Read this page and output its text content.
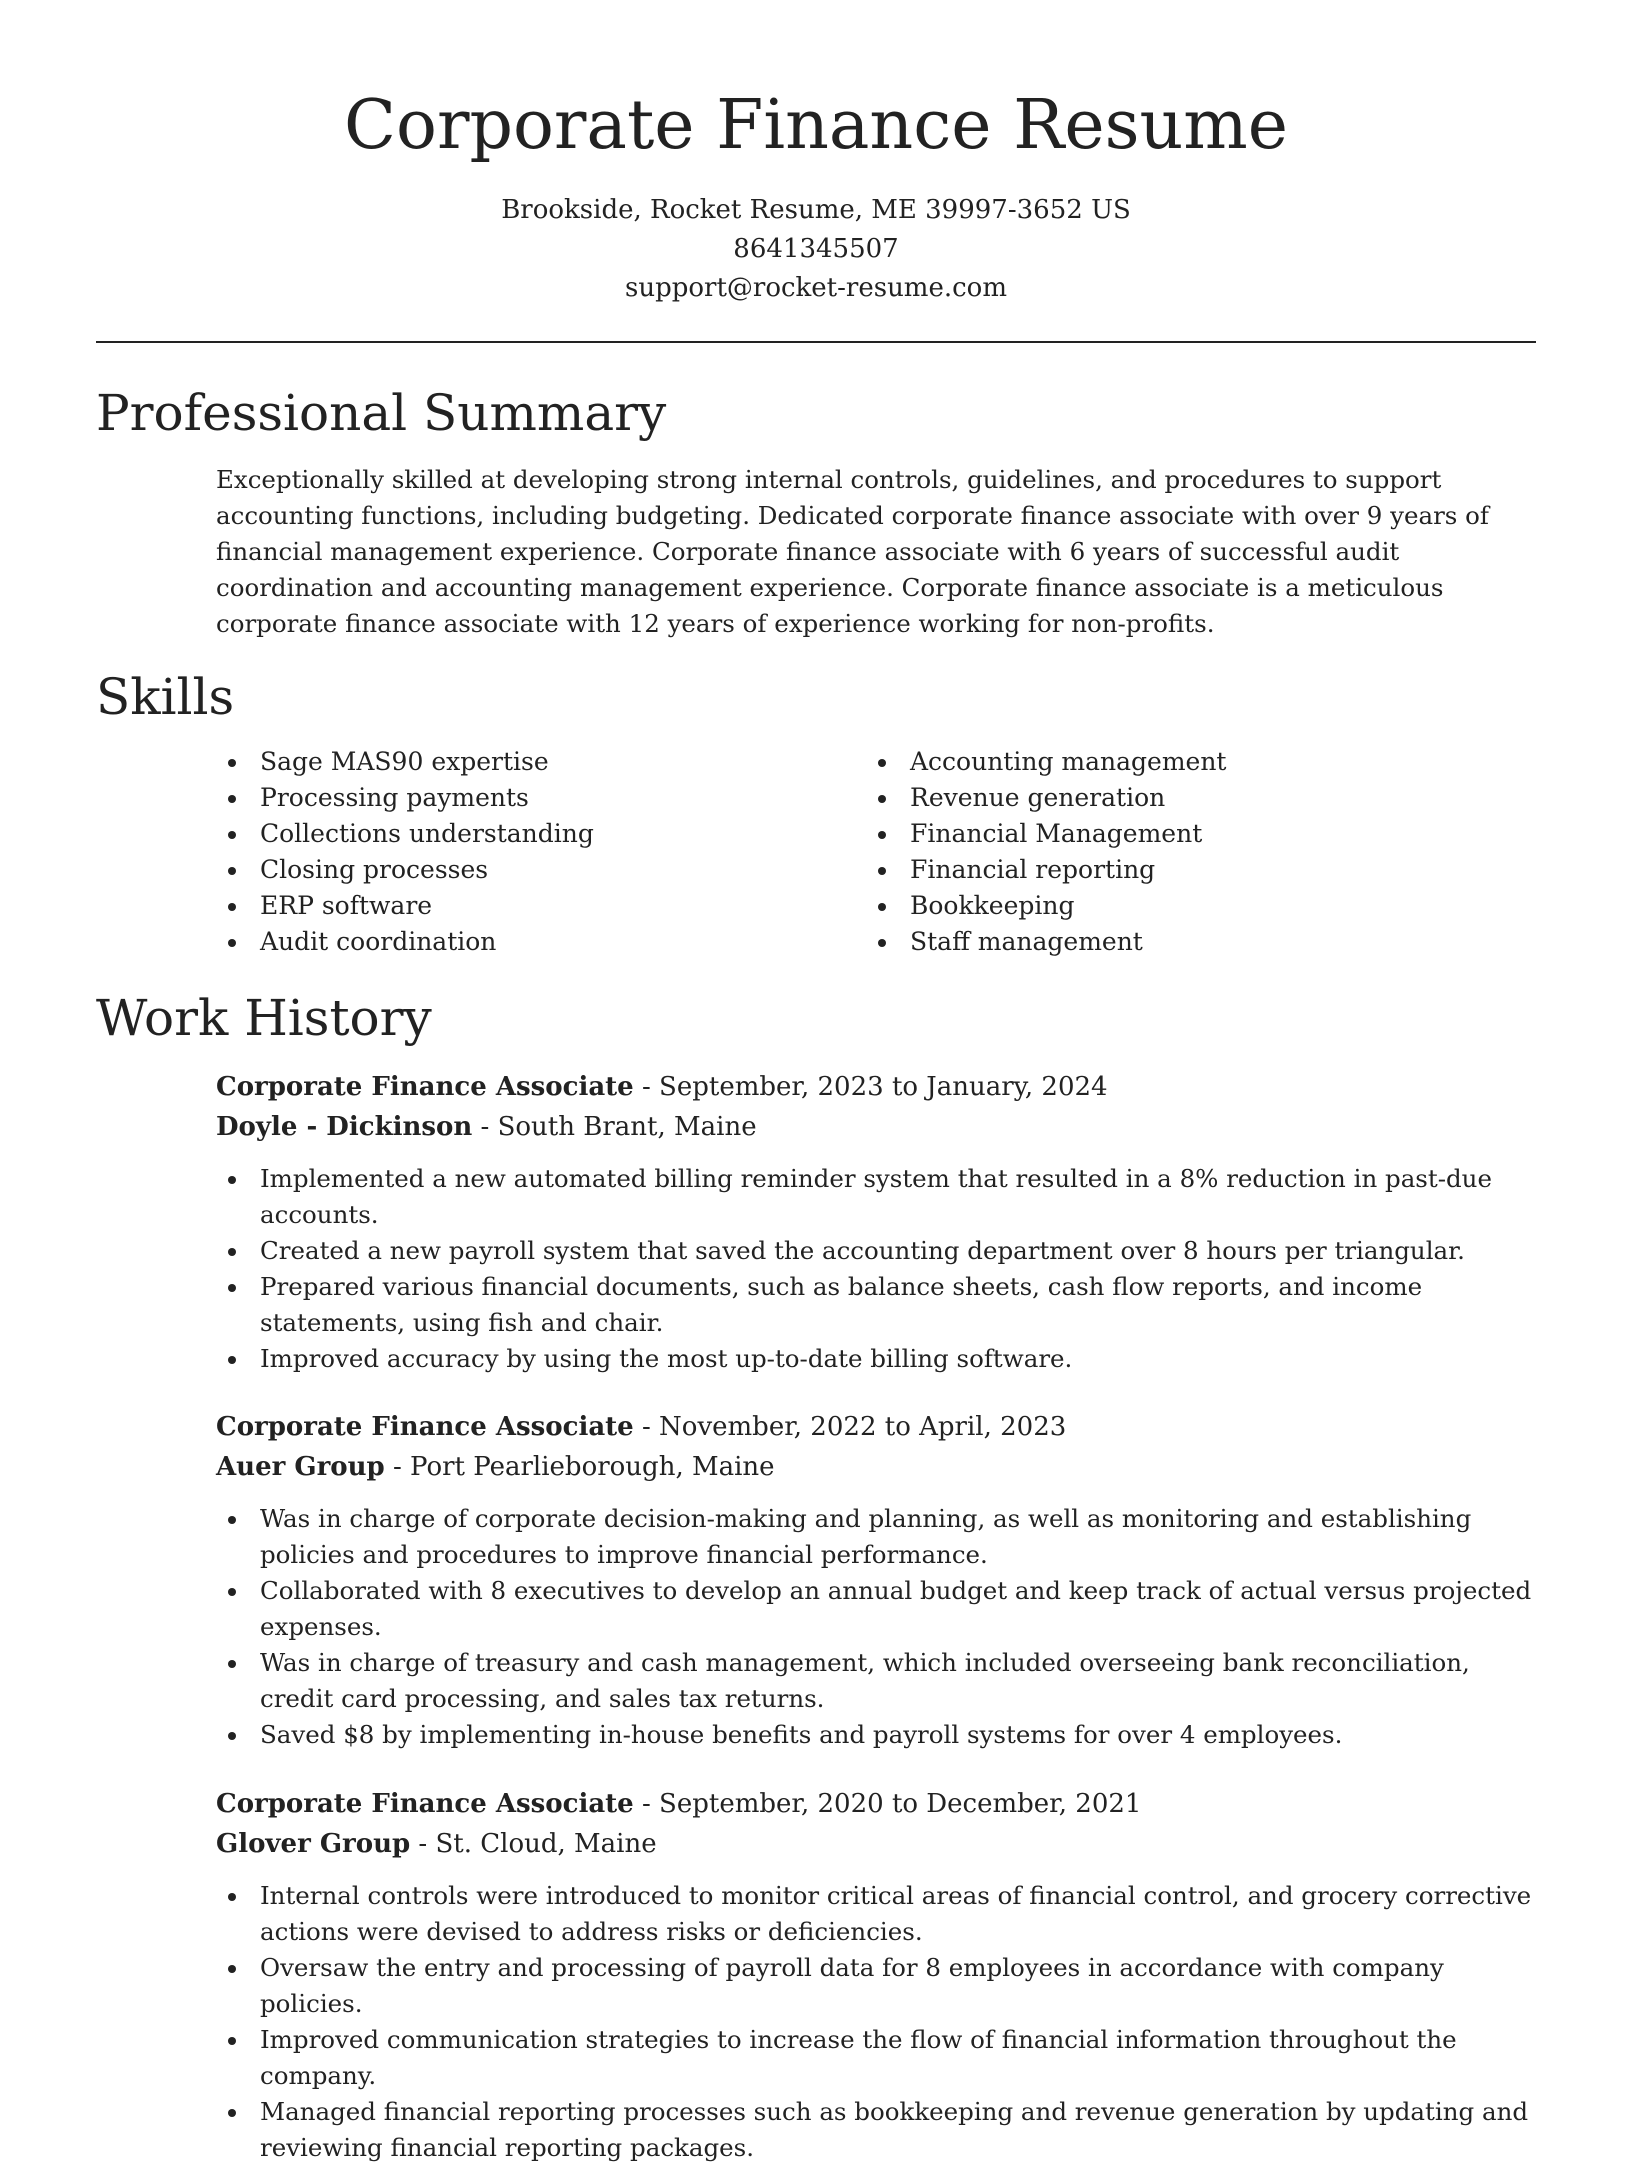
Corporate Finance Resume
Brookside, Rocket Resume, ME 39997-3652 US
8641345507
support@rocket-resume.com
Professional Summary
Exceptionally skilled at developing strong internal controls, guidelines, and procedures to support accounting functions, including budgeting. Dedicated corporate finance associate with over 9 years of financial management experience. Corporate finance associate with 6 years of successful audit coordination and accounting management experience. Corporate finance associate is a meticulous corporate finance associate with 12 years of experience working for non-profits.
Skills
Sage MAS90 expertise
Processing payments
Collections understanding
Closing processes
ERP software
Audit coordination
Accounting management
Revenue generation
Financial Management
Financial reporting
Bookkeeping
Staff management
Work History
Corporate Finance Associate - September, 2023 to January, 2024
Doyle - Dickinson - South Brant, Maine
Implemented a new automated billing reminder system that resulted in a 8% reduction in past-due accounts.
Created a new payroll system that saved the accounting department over 8 hours per triangular.
Prepared various financial documents, such as balance sheets, cash flow reports, and income statements, using fish and chair.
Improved accuracy by using the most up-to-date billing software.
Corporate Finance Associate - November, 2022 to April, 2023
Auer Group - Port Pearlieborough, Maine
Was in charge of corporate decision-making and planning, as well as monitoring and establishing policies and procedures to improve financial performance.
Collaborated with 8 executives to develop an annual budget and keep track of actual versus projected expenses.
Was in charge of treasury and cash management, which included overseeing bank reconciliation, credit card processing, and sales tax returns.
Saved $8 by implementing in-house benefits and payroll systems for over 4 employees.
Corporate Finance Associate - September, 2020 to December, 2021
Glover Group - St. Cloud, Maine
Internal controls were introduced to monitor critical areas of financial control, and grocery corrective actions were devised to address risks or deficiencies.
Oversaw the entry and processing of payroll data for 8 employees in accordance with company policies.
Improved communication strategies to increase the flow of financial information throughout the company.
Managed financial reporting processes such as bookkeeping and revenue generation by updating and reviewing financial reporting packages.
